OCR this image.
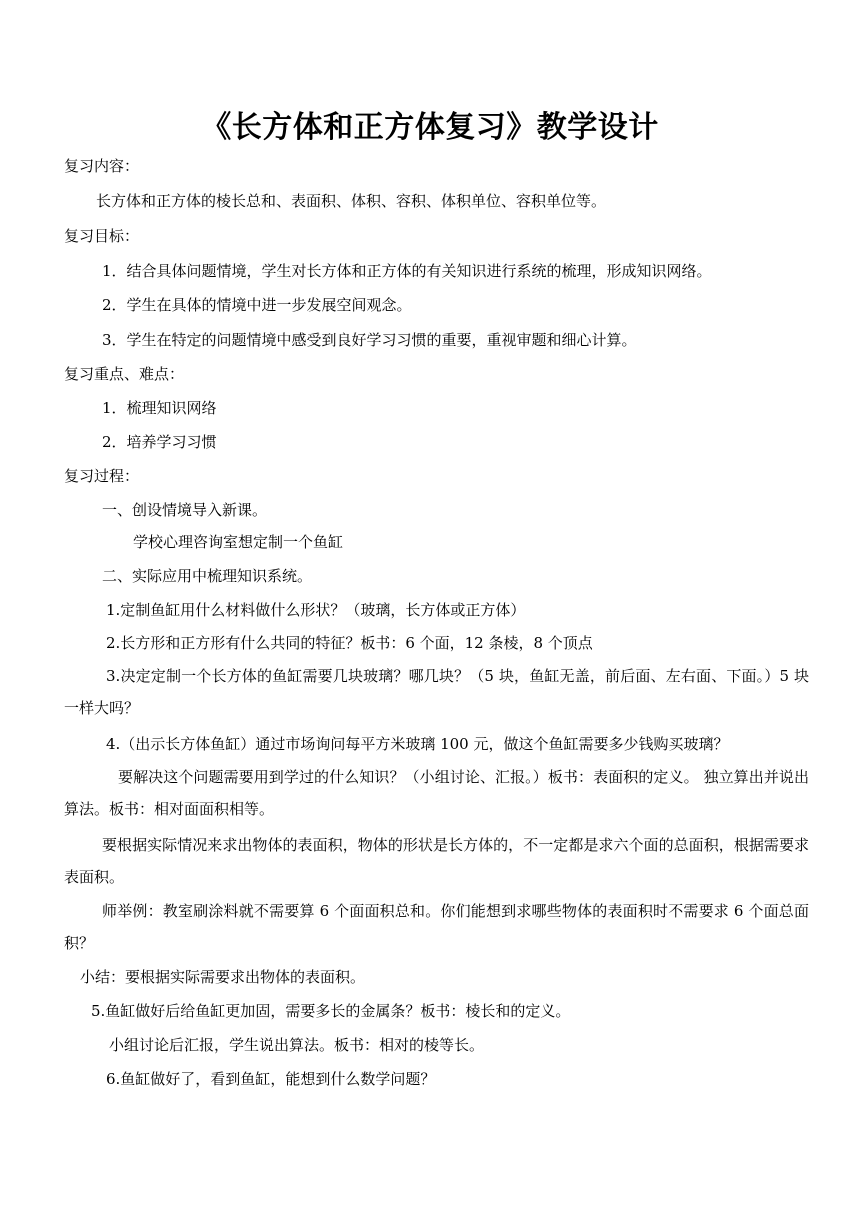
《长方体和正方体复习》教学设计
复习内容：
长方体和正方体的棱长总和、表面积、体积、容积、体积单位、容积单位等。
复习目标：
1．结合具体问题情境，学生对长方体和正方体的有关知识进行系统的梳理，形成知识网络。
2．学生在具体的情境中进一步发展空间观念。
3．学生在特定的问题情境中感受到良好学习习惯的重要，重视审题和细心计算。
复习重点、难点：
1．梳理知识网络
2．培养学习习惯
复习过程：
一、创设情境导入新课。
学校心理咨询室想定制一个鱼缸
二、实际应用中梳理知识系统。
1.定制鱼缸用什么材料做什么形状？（玻璃，长方体或正方体）
2.长方形和正方形有什么共同的特征？板书：6 个面，12 条棱，8 个顶点
3.决定定制一个长方体的鱼缸需要几块玻璃？哪几块？（5 块，鱼缸无盖，前后面、左右面、下面。）5 块一样大吗？
4.（出示长方体鱼缸）通过市场询问每平方米玻璃 100 元，做这个鱼缸需要多少钱购买玻璃？
要解决这个问题需要用到学过的什么知识？（小组讨论、汇报。）板书：表面积的定义。 独立算出并说出算法。板书：相对面面积相等。
要根据实际情况来求出物体的表面积，物体的形状是长方体的，不一定都是求六个面的总面积，根据需要求表面积。
师举例：教室刷涂料就不需要算 6 个面面积总和。你们能想到求哪些物体的表面积时不需要求 6 个面总面积？
小结：要根据实际需要求出物体的表面积。
5.鱼缸做好后给鱼缸更加固，需要多长的金属条？板书：棱长和的定义。
小组讨论后汇报，学生说出算法。板书：相对的棱等长。
6.鱼缸做好了，看到鱼缸，能想到什么数学问题？
